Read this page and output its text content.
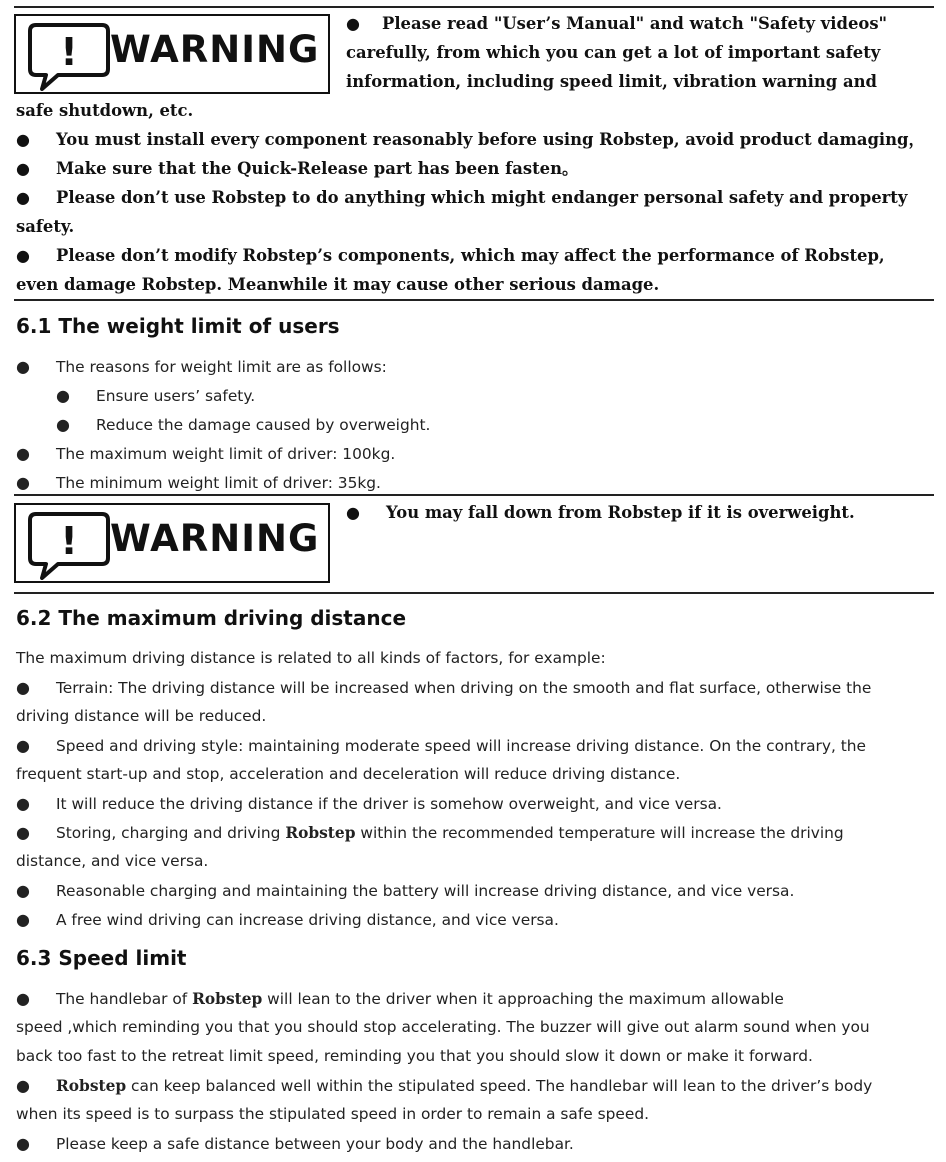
! WARNING
● Please read "User’s Manual" and watch "Safety videos"
carefully, from which you can get a lot of important safety
information, including speed limit, vibration warning and
safe shutdown, etc.
● You must install every component reasonably before using Robstep, avoid product damaging，
● Make sure that the Quick-Release part has been fasten。
● Please don’t use Robstep to do anything which might endanger personal safety and property
safety.
● Please don’t modify Robstep’s components, which may affect the performance of Robstep,
even damage Robstep. Meanwhile it may cause other serious damage.
6.1 The weight limit of users
● The reasons for weight limit are as follows:
● Ensure users’ safety.
● Reduce the damage caused by overweight.
● The maximum weight limit of driver: 100kg.
● The minimum weight limit of driver: 35kg.
! WARNING
● You may fall down from Robstep if it is overweight.
6.2 The maximum driving distance
The maximum driving distance is related to all kinds of factors, for example:
● Terrain: The driving distance will be increased when driving on the smooth and flat surface, otherwise the
driving distance will be reduced.
● Speed and driving style: maintaining moderate speed will increase driving distance. On the contrary, the
frequent start-up and stop, acceleration and deceleration will reduce driving distance.
● It will reduce the driving distance if the driver is somehow overweight, and vice versa.
● Storing, charging and driving Robstep within the recommended temperature will increase the driving
distance, and vice versa.
● Reasonable charging and maintaining the battery will increase driving distance, and vice versa.
● A free wind driving can increase driving distance, and vice versa.
6.3 Speed limit
● The handlebar of Robstep will lean to the driver when it approaching the maximum allowable
speed ,which reminding you that you should stop accelerating. The buzzer will give out alarm sound when you
back too fast to the retreat limit speed, reminding you that you should slow it down or make it forward.
● Robstep can keep balanced well within the stipulated speed. The handlebar will lean to the driver’s body
when its speed is to surpass the stipulated speed in order to remain a safe speed.
● Please keep a safe distance between your body and the handlebar.
